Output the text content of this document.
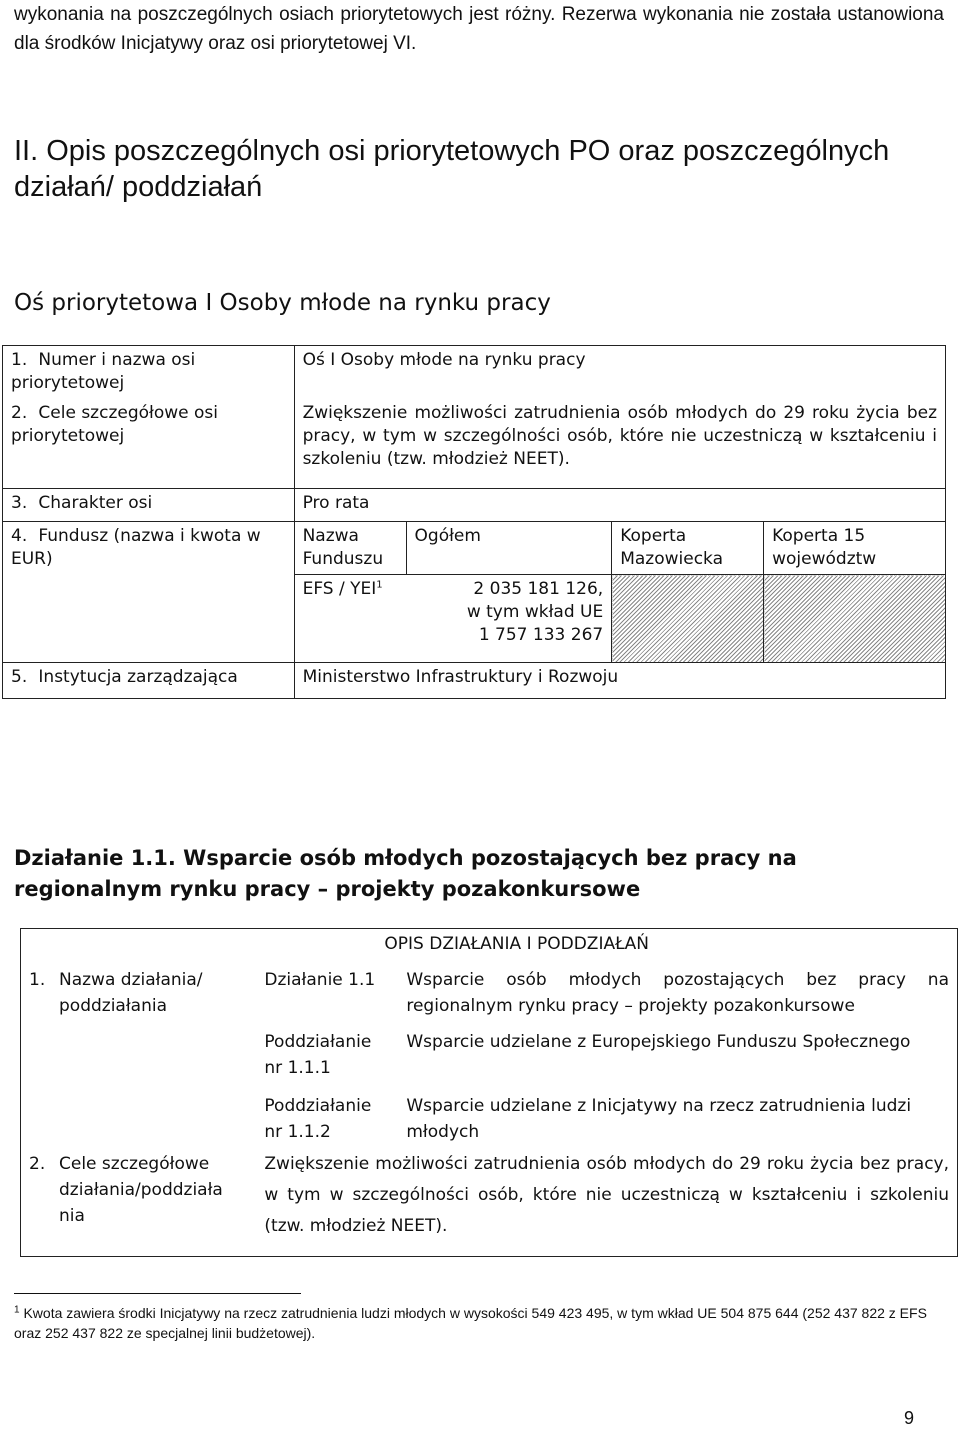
wykonania na poszczególnych osiach priorytetowych jest różny. Rezerwa wykonania nie została ustanowiona dla środków Inicjatywy oraz osi priorytetowej VI.
II. Opis poszczególnych osi priorytetowych PO oraz poszczególnych działań/ poddziałań
Oś priorytetowa I Osoby młode na rynku pracy
1. Numer i nazwa osi priorytetowej	Oś I Osoby młode na rynku pracy			
2. Cele szczegółowe osi priorytetowej	Zwiększenie możliwości zatrudnienia osób młodych do 29 roku życia bez pracy, w tym w szczególności osób, które nie uczestniczą w kształceniu i szkoleniu (tzw. młodzież NEET).			
3. Charakter osi	Pro rata			
4. Fundusz (nazwa i kwota w EUR)	Nazwa Funduszu	Ogółem	Koperta Mazowiecka	Koperta 15 województw
	EFS / YEI$^1$	2 035 181 126,
w tym wkład UE
1 757 133 267		

5. Instytucja zarządzająca	Ministerstwo Infrastruktury i Rozwoju			
Działanie 1.1. Wsparcie osób młodych pozostających bez pracy na regionalnym rynku pracy – projekty pozakonkursowe
	OPIS DZIAŁANIA I PODDZIAŁAŃ	
1. Nazwa działania/ poddziałania	Działanie 1.1	Wsparcie osób młodych pozostających bez pracy na regionalnym rynku pracy – projekty pozakonkursowe
	Poddziałanie nr 1.1.1	Wsparcie udzielane z Europejskiego Funduszu Społecznego
	Poddziałanie nr 1.1.2	Wsparcie udzielane z Inicjatywy na rzecz zatrudnienia ludzi młodych
2. Cele szczegółowe działania/poddziała nia	Zwiększenie możliwości zatrudnienia osób młodych do 29 roku życia bez pracy, w tym w szczególności osób, które nie uczestniczą w kształceniu i szkoleniu (tzw. młodzież NEET).	
$^1$ Kwota zawiera środki Inicjatywy na rzecz zatrudnienia ludzi młodych w wysokości 549 423 495, w tym wkład UE 504 875 644 (252 437 822 z EFS oraz 252 437 822 ze specjalnej linii budżetowej).
9
